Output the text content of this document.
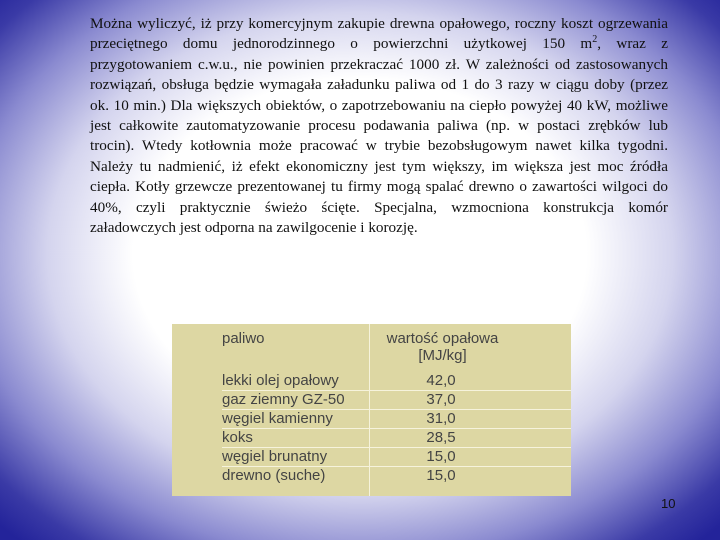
Można wyliczyć, iż przy komercyjnym zakupie drewna opałowego, roczny koszt ogrzewania przeciętnego domu jednorodzinnego o powierzchni użytkowej 150 $m^2$, wraz z przygotowaniem c.w.u., nie powinien przekraczać 1000 zł. W zależności od zastosowanych rozwiązań, obsługa będzie wymagała załadunku paliwa od 1 do 3 razy w ciągu doby (przez ok. 10 min.) Dla większych obiektów, o zapotrzebowaniu na ciepło powyżej 40 kW, możliwe jest całkowite zautomatyzowanie procesu podawania paliwa (np. w postaci zrębków lub trocin). Wtedy kotłownia może pracować w trybie bezobsługowym nawet kilka tygodni. Należy tu nadmienić, iż efekt ekonomiczny jest tym większy, im większa jest moc źródła ciepła. Kotły grzewcze prezentowanej tu firmy mogą spalać drewno o zawartości wilgoci do 40%, czyli praktycznie świeżo ścięte. Specjalna, wzmocniona konstrukcja komór załadowczych jest odporna na zawilgocenie i korozję.

paliwo	wartość opałowa
[MJ/kg]
lekki olej opałowy	42,0
gaz ziemny GZ-50	37,0
węgiel kamienny	31,0
koks	28,5
węgiel brunatny	15,0
drewno (suche)	15,0
10
